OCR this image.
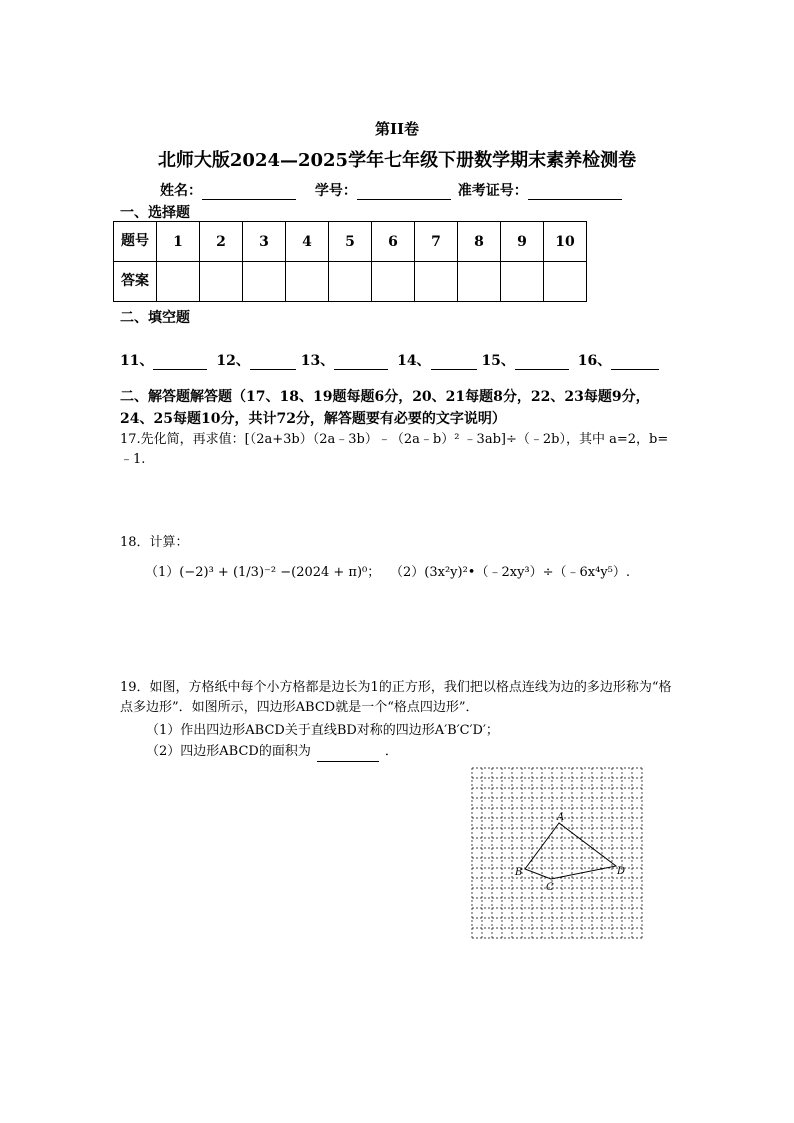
第II卷
北师大版2024—2025学年七年级下册数学期末素养检测卷
姓名：	学号：	准考证号：
一、选择题
题号	1	2	3	4	5	6	7	8	9	10
答案										
二、填空题
11、	12、	13、	14、	15、	16、
二、解答题解答题（17、18、19题每题6分，20、21每题8分，22、23每题9分，24、25每题10分，共计72分，解答题要有必要的文字说明）
17.先化简，再求值：[（2a+3b）（2a﹣3b）﹣（2a﹣b）² ﹣3ab]÷（﹣2b），其中 a=2，b=﹣1.
18．计算：
（1）(−2)³ + (1/3)⁻² −(2024 + π)⁰； （2）(3x²y)²•（﹣2xy³）÷（﹣6x⁴y⁵）.
19．如图，方格纸中每个小方格都是边长为1的正方形，我们把以格点连线为边的多边形称为“格点多边形”．如图所示，四边形ABCD就是一个“格点四边形”．
（1）作出四边形ABCD关于直线BD对称的四边形A′B′C′D′；
（2）四边形ABCD的面积为	．
A
B
C
D
